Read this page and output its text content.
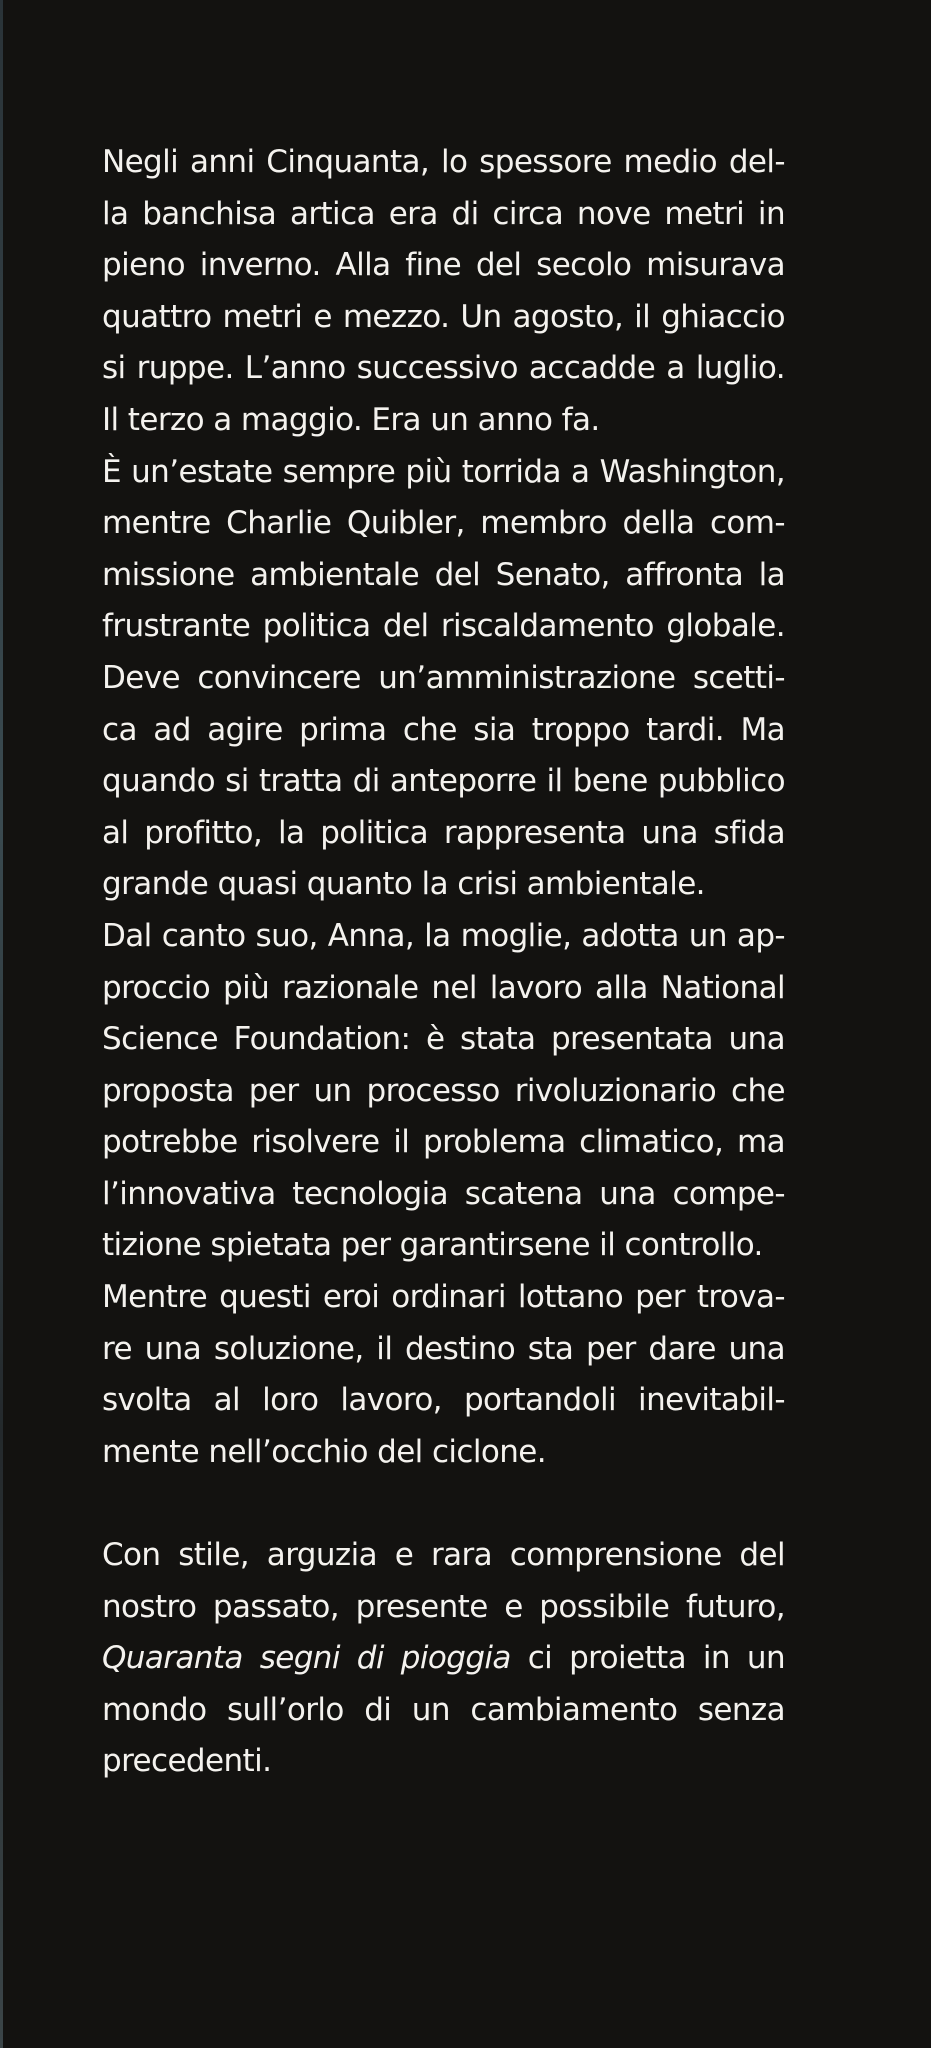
Negli anni Cinquanta, lo spessore medio del-
la banchisa artica era di circa nove metri in
pieno inverno. Alla fine del secolo misurava
quattro metri e mezzo. Un agosto, il ghiaccio
si ruppe. L’anno successivo accadde a luglio.
Il terzo a maggio. Era un anno fa.

È un’estate sempre più torrida a Washington,
mentre Charlie Quibler, membro della com-
missione ambientale del Senato, affronta la
frustrante politica del riscaldamento globale.
Deve convincere un’amministrazione scetti-
ca ad agire prima che sia troppo tardi. Ma
quando si tratta di anteporre il bene pubblico
al profitto, la politica rappresenta una sfida
grande quasi quanto la crisi ambientale.

Dal canto suo, Anna, la moglie, adotta un ap-
proccio più razionale nel lavoro alla National
Science Foundation: è stata presentata una
proposta per un processo rivoluzionario che
potrebbe risolvere il problema climatico, ma
l’innovativa tecnologia scatena una compe-
tizione spietata per garantirsene il controllo.

Mentre questi eroi ordinari lottano per trova-
re una soluzione, il destino sta per dare una
svolta al loro lavoro, portandoli inevitabil-
mente nell’occhio del ciclone.

Con stile, arguzia e rara comprensione del
nostro passato, presente e possibile futuro,
Quaranta segni di pioggia ci proietta in un
mondo sull’orlo di un cambiamento senza
precedenti.
